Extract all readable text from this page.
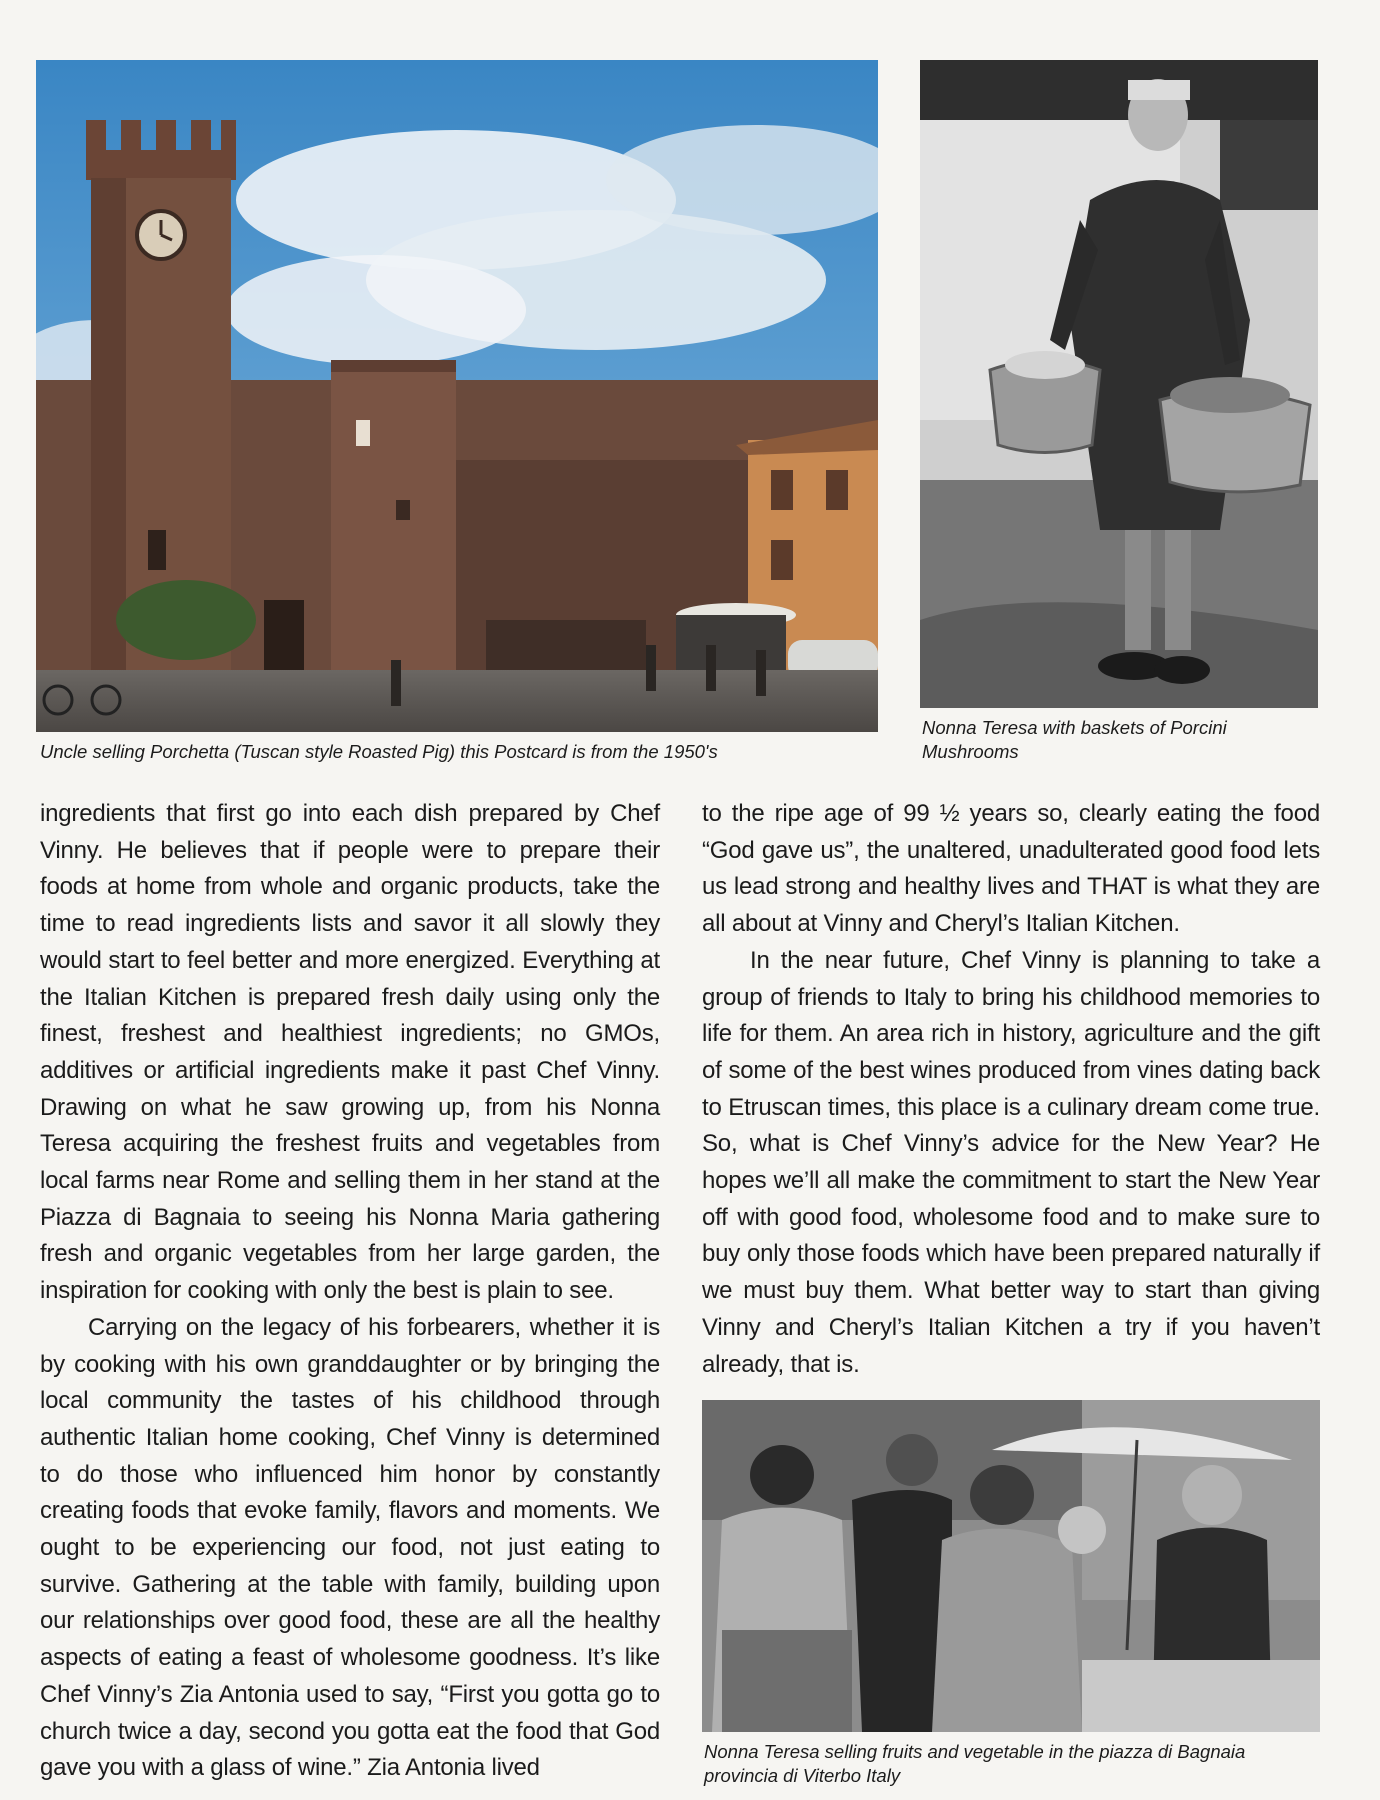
Uncle selling Porchetta (Tuscan style Roasted Pig) this Postcard is from the 1950's
Nonna Teresa with baskets of Porcini Mushrooms

ingredients that first go into each dish prepared by Chef Vinny. He believes that if people were to prepare their foods at home from whole and organic products, take the time to read ingredients lists and savor it all slowly they would start to feel better and more energized. Everything at the Italian Kitchen is prepared fresh daily using only the finest, freshest and healthiest ingredients; no GMOs, additives or artificial ingredients make it past Chef Vinny. Drawing on what he saw growing up, from his Nonna Teresa acquiring the freshest fruits and vegetables from local farms near Rome and selling them in her stand at the Piazza di Bagnaia to seeing his Nonna Maria gathering fresh and organic vegetables from her large garden, the inspiration for cooking with only the best is plain to see.

Carrying on the legacy of his forbearers, whether it is by cooking with his own granddaughter or by bringing the local community the tastes of his childhood through authentic Italian home cooking, Chef Vinny is determined to do those who influenced him honor by constantly creating foods that evoke family, flavors and moments. We ought to be experiencing our food, not just eating to survive. Gathering at the table with family, building upon our relationships over good food, these are all the healthy aspects of eating a feast of wholesome goodness. It’s like Chef Vinny’s Zia Antonia used to say, “First you gotta go to church twice a day, second you gotta eat the food that God gave you with a glass of wine.” Zia Antonia lived

to the ripe age of 99 ½ years so, clearly eating the food “God gave us”, the unaltered, unadulterated good food lets us lead strong and healthy lives and THAT is what they are all about at Vinny and Cheryl’s Italian Kitchen.

In the near future, Chef Vinny is planning to take a group of friends to Italy to bring his childhood memories to life for them. An area rich in history, agriculture and the gift of some of the best wines produced from vines dating back to Etruscan times, this place is a culinary dream come true. So, what is Chef Vinny’s advice for the New Year? He hopes we’ll all make the commitment to start the New Year off with good food, wholesome food and to make sure to buy only those foods which have been prepared naturally if we must buy them. What better way to start than giving Vinny and Cheryl’s Italian Kitchen a try if you haven’t already, that is.

Nonna Teresa selling fruits and vegetable in the piazza di Bagnaia provincia di Viterbo Italy
